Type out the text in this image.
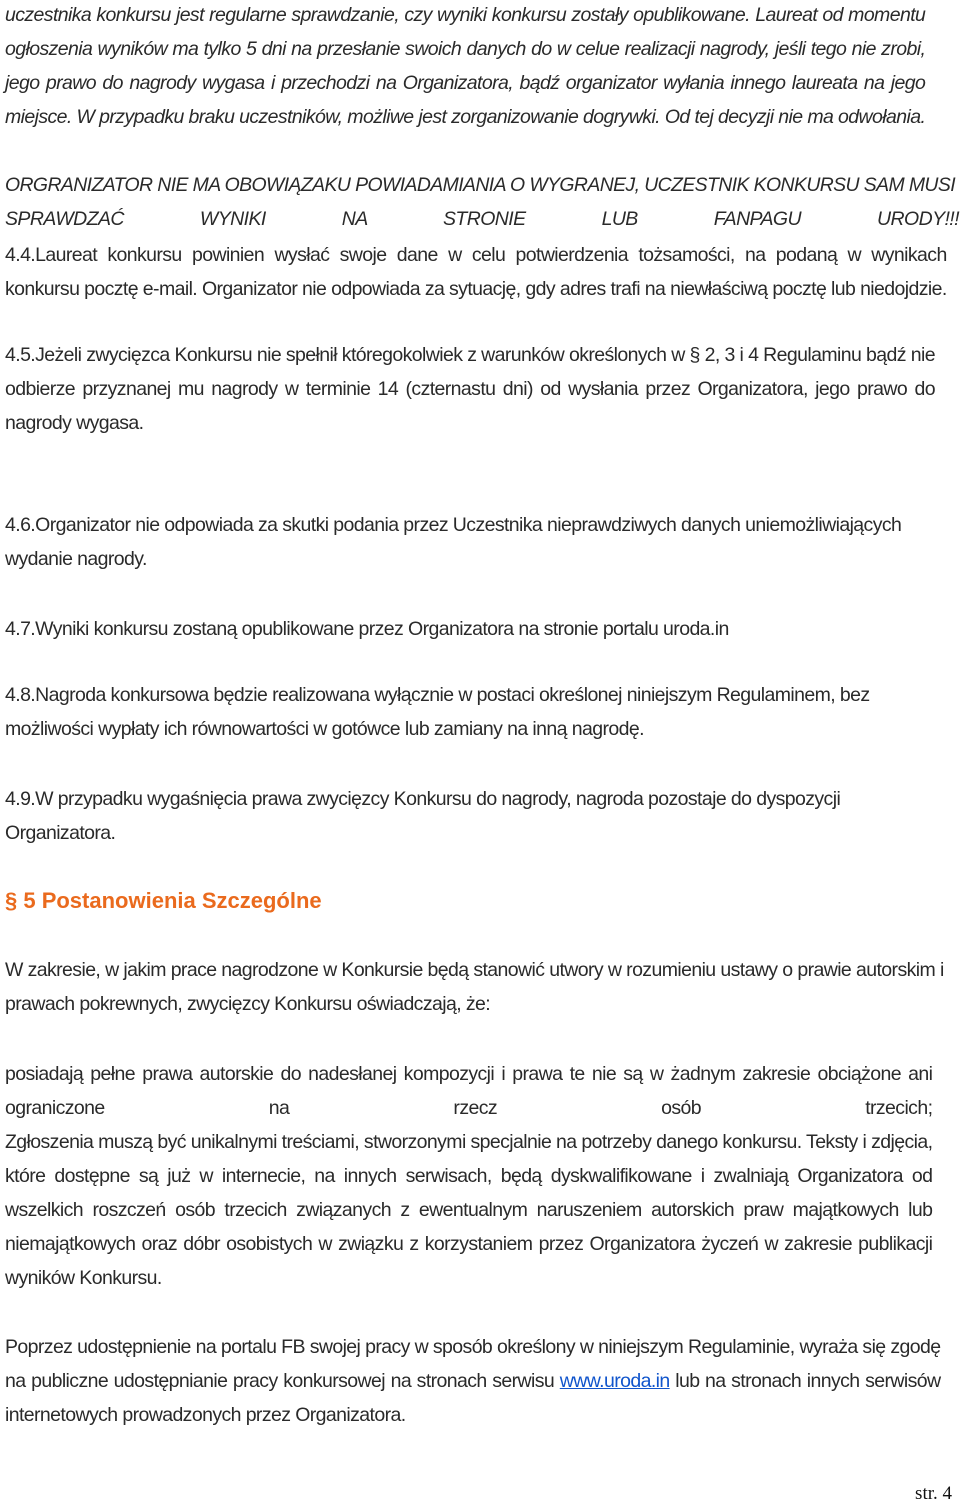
uczestnika konkursu jest regularne sprawdzanie, czy wyniki konkursu zostały opublikowane. Laureat od momentu
ogłoszenia wyników ma tylko 5 dni na przesłanie swoich danych do w celue realizacji nagrody, jeśli tego nie zrobi,
jego prawo do nagrody wygasa i przechodzi na Organizatora, bądź organizator wyłania innego laureata na jego
miejsce. W przypadku braku uczestników, możliwe jest zorganizowanie dogrywki. Od tej decyzji nie ma odwołania.
ORGRANIZATOR NIE MA OBOWIĄZAKU POWIADAMIANIA O WYGRANEJ, UCZESTNIK KONKURSU SAM MUSI
SPRAWDZAĆ WYNIKI NA STRONIE LUB FANPAGU URODY!!!
4.4.Laureat konkursu powinien wysłać swoje dane w celu potwierdzenia tożsamości, na podaną w wynikach
konkursu pocztę e-mail. Organizator nie odpowiada za sytuację, gdy adres trafi na niewłaściwą pocztę lub niedojdzie.
4.5.Jeżeli zwycięzca Konkursu nie spełnił któregokolwiek z warunków określonych w § 2, 3 i 4 Regulaminu bądź nie
odbierze przyznanej mu nagrody w terminie 14 (czternastu dni) od wysłania przez Organizatora, jego prawo do
nagrody wygasa.
4.6.Organizator nie odpowiada za skutki podania przez Uczestnika nieprawdziwych danych uniemożliwiających
wydanie nagrody.
4.7.Wyniki konkursu zostaną opublikowane przez Organizatora na stronie portalu uroda.in
4.8.Nagroda konkursowa będzie realizowana wyłącznie w postaci określonej niniejszym Regulaminem, bez
możliwości wypłaty ich równowartości w gotówce lub zamiany na inną nagrodę.
4.9.W przypadku wygaśnięcia prawa zwycięzcy Konkursu do nagrody, nagroda pozostaje do dyspozycji
Organizatora.
§ 5 Postanowienia Szczególne
W zakresie, w jakim prace nagrodzone w Konkursie będą stanowić utwory w rozumieniu ustawy o prawie autorskim i
prawach pokrewnych, zwycięzcy Konkursu oświadczają, że:
posiadają pełne prawa autorskie do nadesłanej kompozycji i prawa te nie są w żadnym zakresie obciążone ani
ograniczone na rzecz osób trzecich;
Zgłoszenia muszą być unikalnymi treściami, stworzonymi specjalnie na potrzeby danego konkursu. Teksty i zdjęcia,
które dostępne są już w internecie, na innych serwisach, będą dyskwalifikowane i zwalniają Organizatora od
wszelkich roszczeń osób trzecich związanych z ewentualnym naruszeniem autorskich praw majątkowych lub
niemajątkowych oraz dóbr osobistych w związku z korzystaniem przez Organizatora życzeń w zakresie publikacji
wyników Konkursu.
Poprzez udostępnienie na portalu FB swojej pracy w sposób określony w niniejszym Regulaminie, wyraża się zgodę
na publiczne udostępnianie pracy konkursowej na stronach serwisu www.uroda.in lub na stronach innych serwisów
internetowych prowadzonych przez Organizatora.
str. 4
